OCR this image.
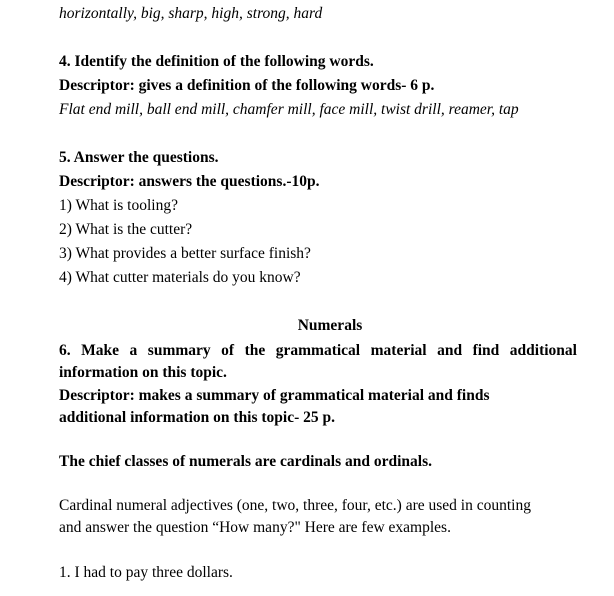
horizontally, big, sharp, high, strong, hard
4. Identify the definition of the following words.
Descriptor: gives a definition of the following words- 6 p.
Flat end mill, ball end mill, chamfer mill, face mill, twist drill, reamer, tap
5. Answer the questions.
Descriptor: answers the questions.-10p.
1) What is tooling?
2) What is the cutter?
3) What provides a better surface finish?
4) What cutter materials do you know?
Numerals
6. Make a summary of the grammatical material and find additional
information on this topic.
Descriptor: makes a summary of grammatical material and finds
additional information on this topic- 25 p.
The chief classes of numerals are cardinals and ordinals.
Cardinal numeral adjectives (one, two, three, four, etc.) are used in counting
and answer the question “How many?" Here are few examples.
1. I had to pay three dollars.
